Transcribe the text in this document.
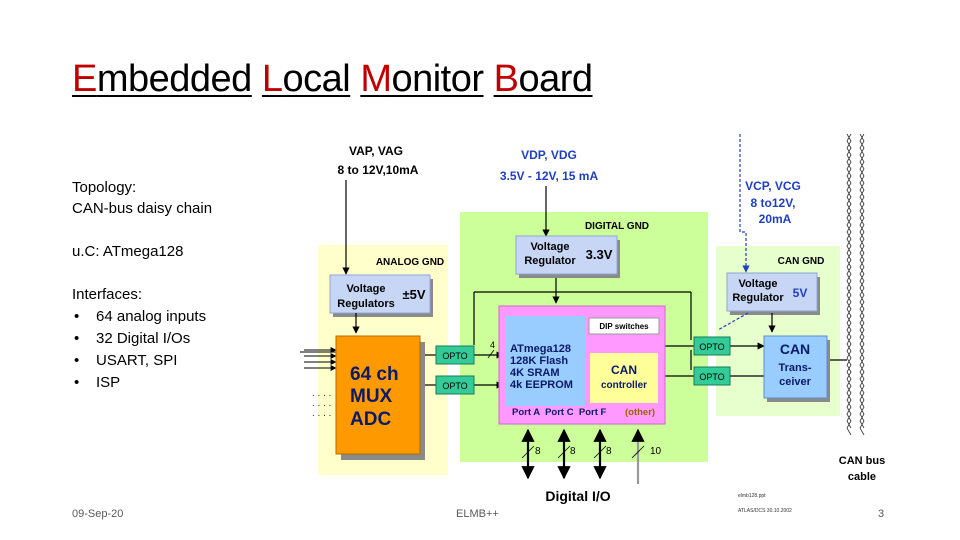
Embedded Local Monitor Board
Topology:
CAN-bus daisy chain
u.C: ATmega128
Interfaces:
• 64 analog inputs
• 32 Digital I/Os
• USART, SPI
• ISP
09-Sep-20	ELMB++	3
VAP, VAG
8 to 12V,10mA
VDP, VDG
3.5V - 12V, 15 mA
VCP, VCG
8 to12V,
20mA
DIGITAL GND
ANALOG GND	CAN GND
Voltage
Regulator 3.3V
Voltage
Regulators
±5V
Voltage
Regulator 5V
. . . .
. . . .
. . . .
64 ch
MUX
ADC
OPTO
OPTO
OPTO
OPTO
4
DIP switches
ATmega128
128K Flash
4K SRAM
4k EEPROM
CAN
controller
Port A  Port C  Port F (other)
CAN
Trans-
ceiver
8	8	8	10
Digital I/O
CAN bus
cable
elmb128.ppt
ATLAS/DCS 30.10.2002
